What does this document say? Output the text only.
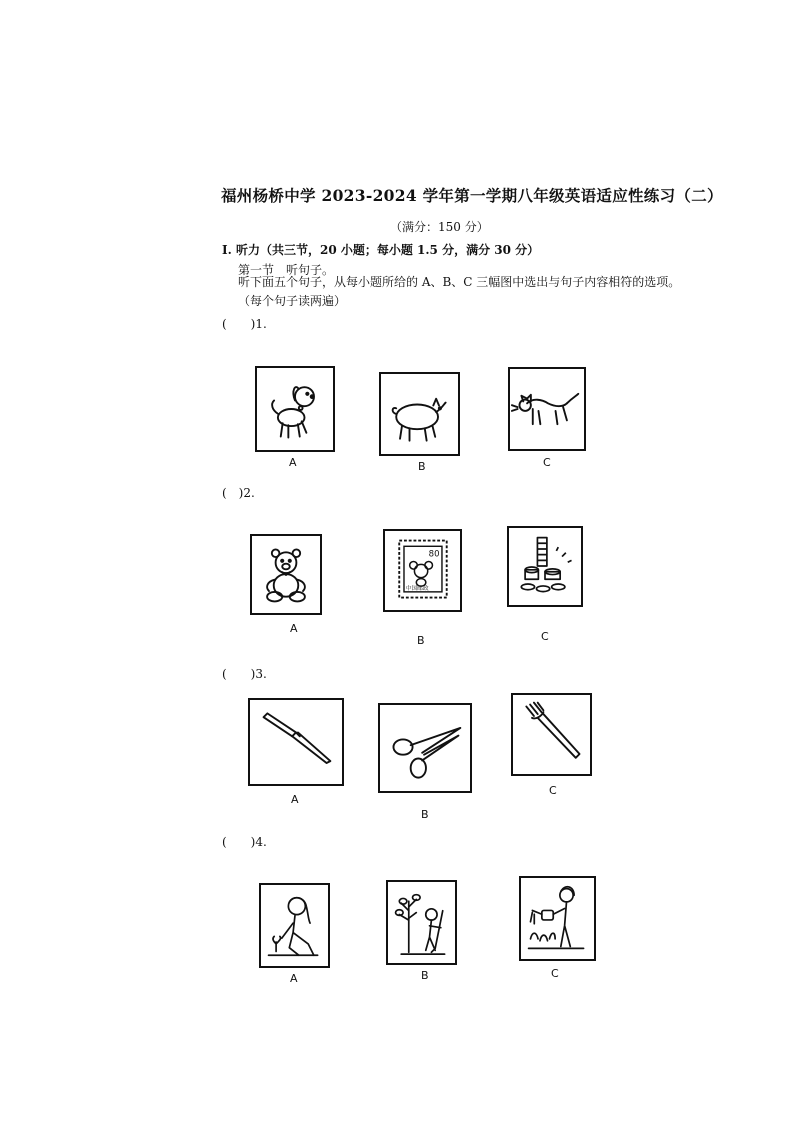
福州杨桥中学 2023-2024 学年第一学期八年级英语适应性练习（二）
（满分：150 分）
I. 听力（共三节，20 小题；每小题 1.5 分，满分 30 分）
第一节　听句子。
听下面五个句子，从每小题所给的 A、B、C 三幅图中选出与句子内容相符的选项。（每个句子读两遍）
(　　)1.
A	B	C
(　)2.
A
80
中国邮政
B	C
(　　)3.
A
B
C
(　　)4.
A	B	C
